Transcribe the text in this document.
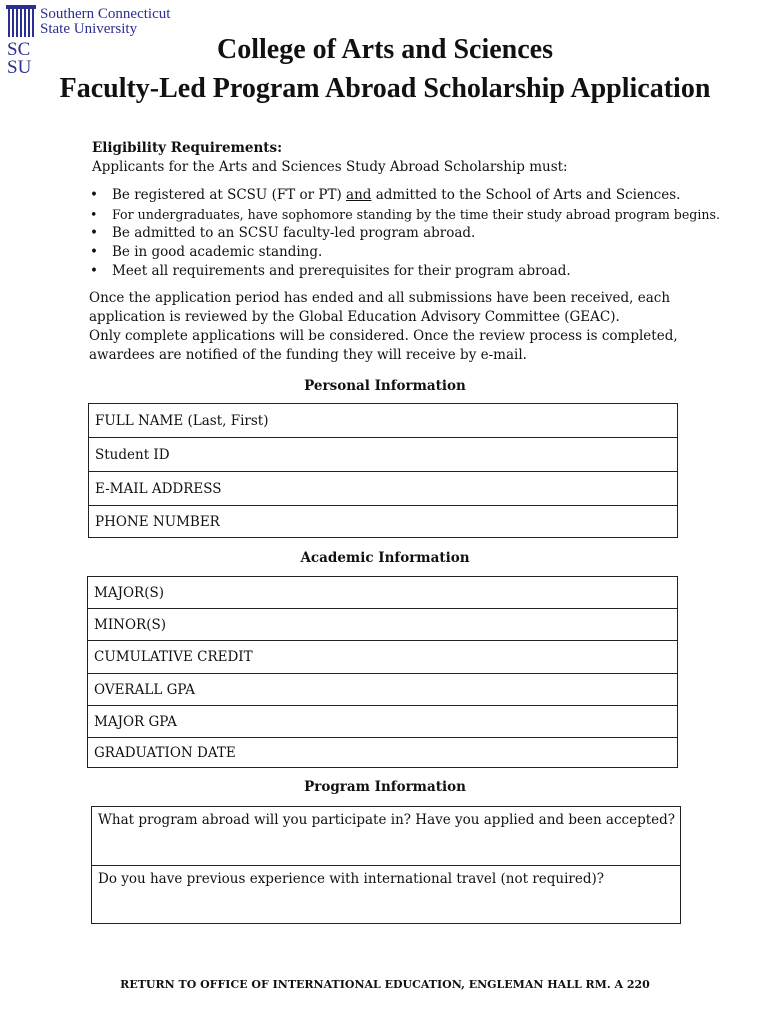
SC
SU
Southern Connecticut
State University
College of Arts and Sciences
Faculty-Led Program Abroad Scholarship Application
Eligibility Requirements:
Applicants for the Arts and Sciences Study Abroad Scholarship must:
• Be registered at SCSU (FT or PT) and admitted to the School of Arts and Sciences.
• For undergraduates, have sophomore standing by the time their study abroad program begins.
• Be admitted to an SCSU faculty-led program abroad.
• Be in good academic standing.
• Meet all requirements and prerequisites for their program abroad.
Once the application period has ended and all submissions have been received, each application is reviewed by the Global Education Advisory Committee (GEAC).
Only complete applications will be considered. Once the review process is completed, awardees are notified of the funding they will receive by e-mail.
Personal Information
FULL NAME (Last, First)
Student ID
E-MAIL ADDRESS
PHONE NUMBER
Academic Information
MAJOR(S)
MINOR(S)
CUMULATIVE CREDIT
OVERALL GPA
MAJOR GPA
GRADUATION DATE
Program Information
What program abroad will you participate in? Have you applied and been accepted?
Do you have previous experience with international travel (not required)?
RETURN TO OFFICE OF INTERNATIONAL EDUCATION, ENGLEMAN HALL RM. A 220
